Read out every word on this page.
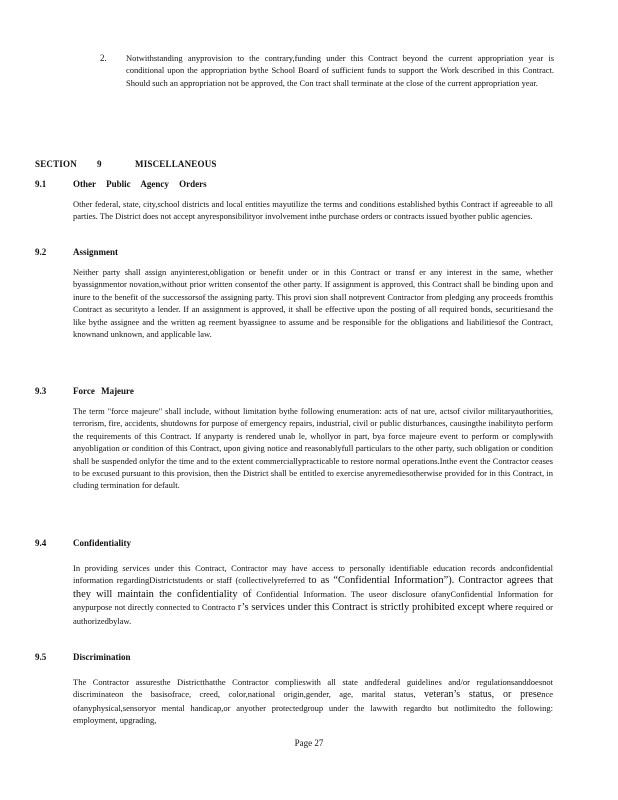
2. Notwithstanding anyprovision to the contrary,funding under this Contract beyond the current appropriation year is conditional upon the appropriation bythe School Board of sufficient funds to support the Work described in this Contract. Should such an appropriation not be approved, the Con tract shall terminate at the close of the current appropriation year.

SECTION 9	MISCELLANEOUS
9.1	Other Public Agency Orders

Other federal, state, city,school districts and local entities mayutilize the terms and conditions established bythis Contract if agreeable to all parties. The District does not accept anyresponsibilityor involvement inthe purchase orders or contracts issued byother public agencies.

9.2	Assignment

Neither party shall assign anyinterest,obligation or benefit under or in this Contract or transf er any interest in the same, whether byassignmentor novation,without prior written consentof the other party. If assignment is approved, this Contract shall be binding upon and inure to the benefit of the successorsof the assigning party. This provi sion shall notprevent Contractor from pledging any proceeds fromthis Contract as securityto a lender. If an assignment is approved, it shall be effective upon the posting of all required bonds, securitiesand the like bythe assignee and the written ag reement byassignee to assume and be responsible for the obligations and liabilitiesof the Contract, knownand unknown, and applicable law.

9.3	Force Majeure

The term "force majeure" shall include, without limitation bythe following enumeration: acts of nat ure, actsof civilor militaryauthorities, terrorism, fire, accidents, shutdowns for purpose of emergency repairs, industrial, civil or public disturbances, causingthe inabilityto perform the requirements of this Contract. If anyparty is rendered unab le, whollyor in part, bya force majeure event to perform or complywith anyobligation or condition of this Contract, upon giving notice and reasonablyfull particulars to the other party, such obligation or condition shall be suspended onlyfor the time and to the extent commerciallypracticable to restore normal operations.Inthe event the Contractor ceases to be excused pursuant to this provision, then the District shall be entitled to exercise anyremediesotherwise provided for in this Contract, in cluding termination for default.

9.4	Confidentiality

In providing services under this Contract, Contractor may have access to personally identifiable education records andconfidential information regardingDistrictstudents or staff (collectivelyreferred to as “Confidential Information”). Contractor agrees that they will maintain the confidentiality of Confidential Information. The useor disclosure ofanyConfidential Information for anypurpose not directly connected to Contracto r’s services under this Contract is strictly prohibited except where required or authorizedbylaw.

9.5	Discrimination

The Contractor assuresthe Districtthatthe Contractor complieswith all state andfederal guidelines and/or regulationsanddoesnot discriminateon the basisofrace, creed, color,national origin,gender, age, marital status, veteran’s status, or presence ofanyphysical,sensoryor mental handicap,or anyother protectedgroup under the lawwith regardto but notlimitedto the following: employment, upgrading,

Page 27
